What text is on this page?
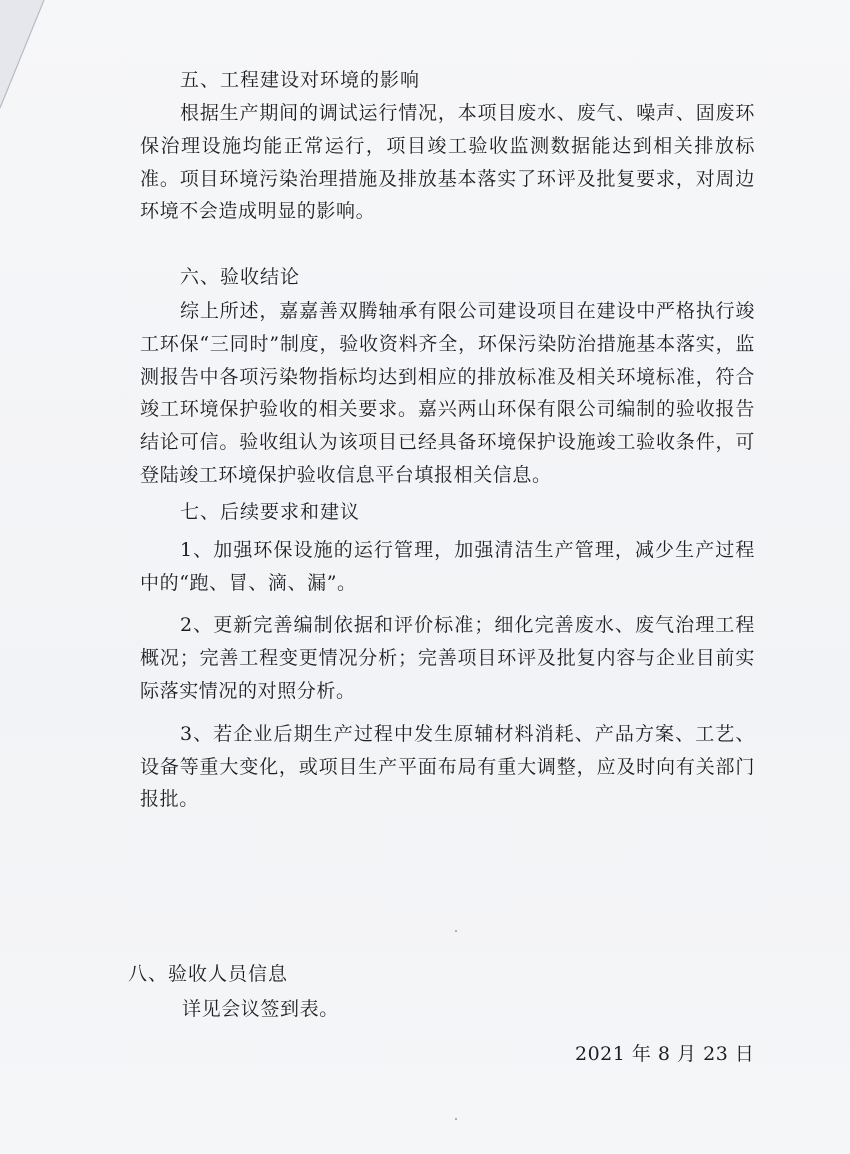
五、工程建设对环境的影响

根据生产期间的调试运行情况，本项目废水、废气、噪声、固废环保治理设施均能正常运行，项目竣工验收监测数据能达到相关排放标准。项目环境污染治理措施及排放基本落实了环评及批复要求，对周边环境不会造成明显的影响。

六、验收结论

综上所述，嘉嘉善双腾轴承有限公司建设项目在建设中严格执行竣工环保“三同时”制度，验收资料齐全，环保污染防治措施基本落实，监测报告中各项污染物指标均达到相应的排放标准及相关环境标准，符合竣工环境保护验收的相关要求。嘉兴两山环保有限公司编制的验收报告结论可信。验收组认为该项目已经具备环境保护设施竣工验收条件，可登陆竣工环境保护验收信息平台填报相关信息。

七、后续要求和建议

1、加强环保设施的运行管理，加强清洁生产管理，减少生产过程中的“跑、冒、滴、漏”。

2、更新完善编制依据和评价标准；细化完善废水、废气治理工程概况；完善工程变更情况分析；完善项目环评及批复内容与企业目前实际落实情况的对照分析。

3、若企业后期生产过程中发生原辅材料消耗、产品方案、工艺、设备等重大变化，或项目生产平面布局有重大调整，应及时向有关部门报批。

八、验收人员信息
详见会议签到表。
2021 年 8 月 23 日
